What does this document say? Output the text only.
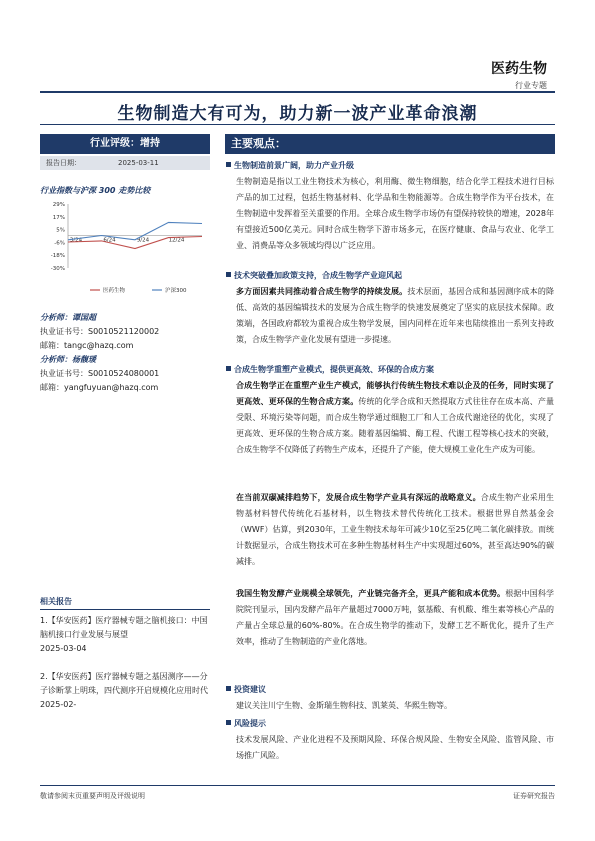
医药生物
行业专题
生物制造大有可为，助力新一波产业革命浪潮
行业评级：增持
报告日期：	2025-03-11
行业指数与沪深 300 走势比较
29%
17%
5%
-6%
-18%
-30%
3/24	6/24	9/24	12/24
医药生物	沪深300
分析师：谭国超
执业证书号：S0010521120002
邮箱：tangc@hazq.com
分析师：杨馥瑗
执业证书号：S0010524080001
邮箱：yangfuyuan@hazq.com
相关报告
1.【华安医药】医疗器械专题之脑机接口：中国脑机接口行业发展与展望
2025-03-04
2.【华安医药】医疗器械专题之基因测序——分子诊断掌上明珠，四代测序开启规模化应用时代 2025-02-
主要观点：
生物制造前景广阔，助力产业升级
生物制造是指以工业生物技术为核心，利用酶、微生物细胞，结合化学工程技术进行目标产品的加工过程，包括生物基材料、化学品和生物能源等。合成生物学作为平台技术，在生物制造中发挥着至关重要的作用。全球合成生物学市场仍有望保持较快的增速，2028年有望接近500亿美元。同时合成生物学下游市场多元，在医疗健康、食品与农业、化学工业、消费品等众多领域均得以广泛应用。
技术突破叠加政策支持，合成生物学产业迎风起
多方面因素共同推动着合成生物学的持续发展。技术层面，基因合成和基因测序成本的降低、高效的基因编辑技术的发展为合成生物学的快速发展奠定了坚实的底层技术保障。政策端，各国政府都较为重视合成生物学发展，国内同样在近年来也陆续推出一系列支持政策，合成生物学产业化发展有望进一步提速。
合成生物学重塑产业模式，提供更高效、环保的合成方案
合成生物学正在重塑产业生产模式，能够执行传统生物技术难以企及的任务，同时实现了更高效、更环保的生物合成方案。传统的化学合成和天然提取方式往往存在成本高、产量受限、环境污染等问题，而合成生物学通过细胞工厂和人工合成代谢途径的优化，实现了更高效、更环保的生物合成方案。随着基因编辑、酶工程、代谢工程等核心技术的突破，合成生物学不仅降低了药物生产成本，还提升了产能，使大规模工业化生产成为可能。
在当前双碳减排趋势下，发展合成生物学产业具有深远的战略意义。合成生物产业采用生物基材料替代传统化石基材料，以生物技术替代传统化工技术。根据世界自然基金会（WWF）估算，到2030年，工业生物技术每年可减少10亿至25亿吨二氧化碳排放。而统计数据显示，合成生物技术可在多种生物基材料生产中实现超过60%，甚至高达90%的碳减排。
我国生物发酵产业规模全球领先，产业链完备齐全，更具产能和成本优势。根据中国科学院院刊显示，国内发酵产品年产量超过7000万吨，氨基酸、有机酸、维生素等核心产品的产量占全球总量的60%-80%。在合成生物学的推动下，发酵工艺不断优化，提升了生产效率，推动了生物制造的产业化落地。
投资建议
建议关注川宁生物、金斯瑞生物科技、凯莱英、华熙生物等。
风险提示
技术发展风险、产业化进程不及预期风险、环保合规风险、生物安全风险、监管风险、市场推广风险。
敬请参阅末页重要声明及评级说明	证券研究报告
